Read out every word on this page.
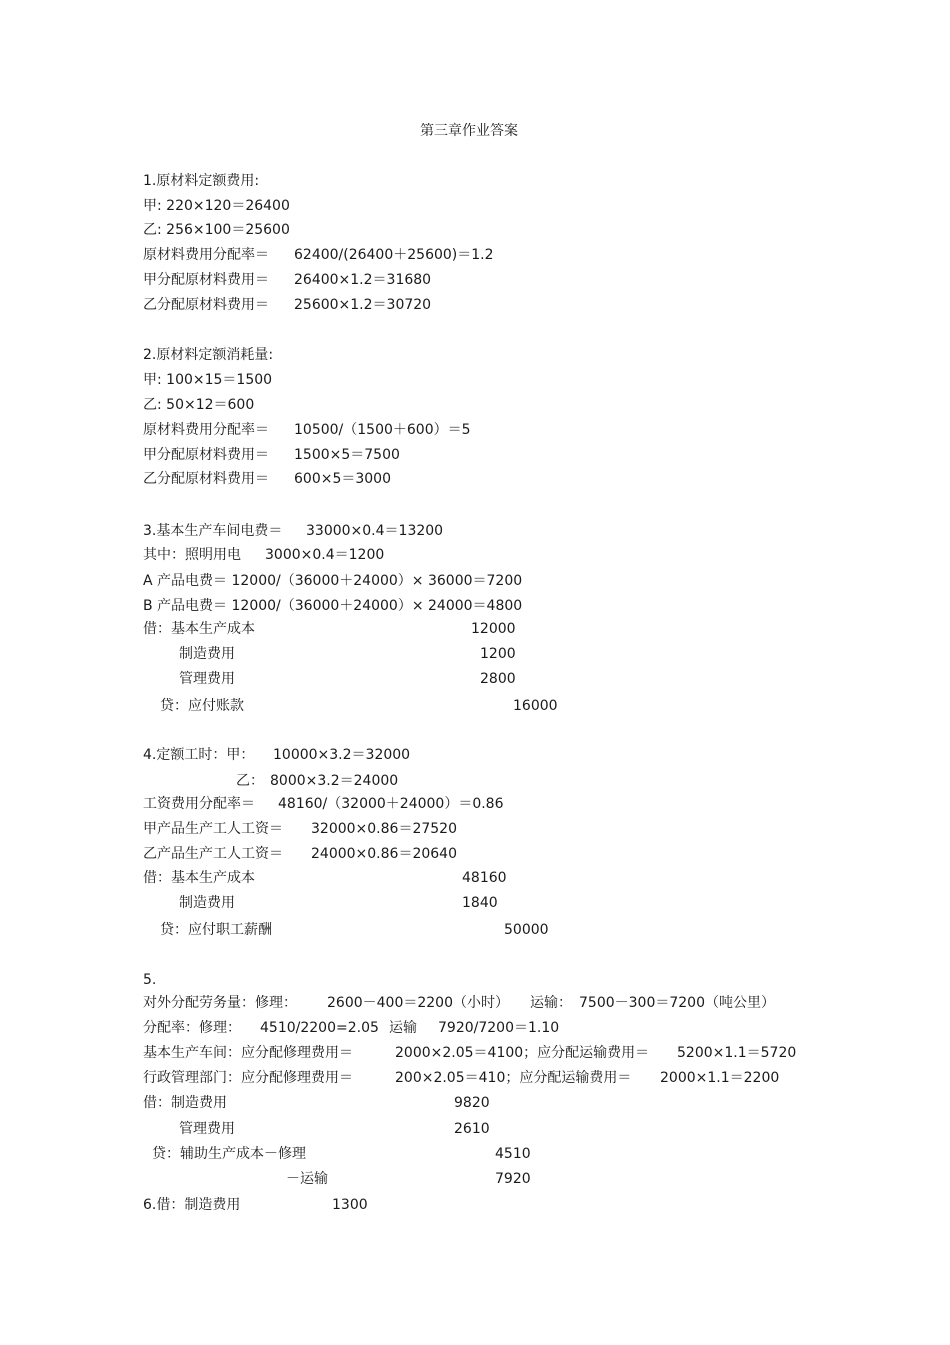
第三章作业答案
1.原材料定额费用:
甲: 220×120＝26400
乙: 256×100＝25600
原材料费用分配率＝ 62400/(26400＋25600)＝1.2
甲分配原材料费用＝ 26400×1.2＝31680
乙分配原材料费用＝ 25600×1.2＝30720
2.原材料定额消耗量:
甲: 100×15＝1500
乙: 50×12＝600
原材料费用分配率＝ 10500/（1500＋600）＝5
甲分配原材料费用＝ 1500×5＝7500
乙分配原材料费用＝ 600×5＝3000
3.基本生产车间电费＝ 33000×0.4＝13200
其中：照明用电 3000×0.4＝1200
A 产品电费＝ 12000/（36000＋24000）× 36000＝7200
B 产品电费＝ 12000/（36000＋24000）× 24000＝4800
借：基本生产成本	12000
制造费用	1200
管理费用	2800
贷：应付账款	16000
4.定额工时：甲： 10000×3.2＝32000
乙： 8000×3.2＝24000
工资费用分配率＝ 48160/（32000＋24000）＝0.86
甲产品生产工人工资＝ 32000×0.86＝27520
乙产品生产工人工资＝ 24000×0.86＝20640
借：基本生产成本	48160
制造费用	1840
贷：应付职工薪酬	50000
5.
对外分配劳务量：修理： 2600－400＝2200（小时） 运输： 7500－300＝7200（吨公里）
分配率：修理： 4510/2200=2.05 运输 7920/7200＝1.10
基本生产车间：应分配修理费用＝	2000×2.05＝4100；应分配运输费用＝ 5200×1.1＝5720
行政管理部门：应分配修理费用＝	200×2.05＝410；应分配运输费用＝ 2000×1.1＝2200
借：制造费用	9820
管理费用	2610
贷：辅助生产成本－修理	4510
－运输	7920
6.借：制造费用	1300
